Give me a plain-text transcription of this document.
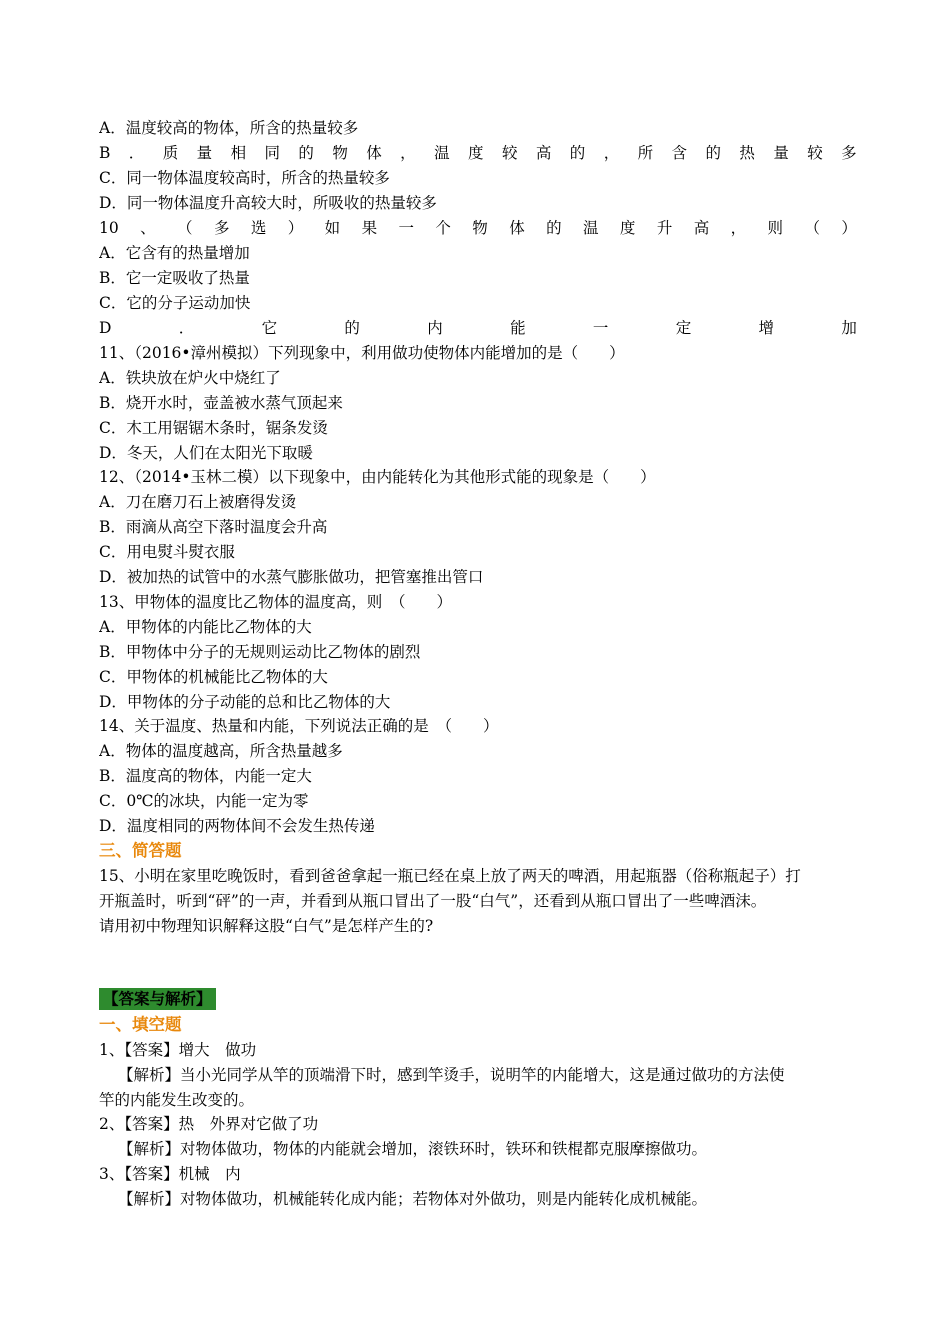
A．温度较高的物体，所含的热量较多
B ． 质 量 相 同 的 物 体 ， 温 度 较 高 的 ， 所 含 的 热 量 较 多
C．同一物体温度较高时，所含的热量较多
D．同一物体温度升高较大时，所吸收的热量较多
10 、 （ 多 选 ） 如 果 一 个 物 体 的 温 度 升 高 ， 则 （ ）
A．它含有的热量增加
B．它一定吸收了热量
C．它的分子运动加快
D	．	它	的	内	能	一	定	增	加
11、（2016•漳州模拟）下列现象中，利用做功使物体内能增加的是（　　）
A．铁块放在炉火中烧红了
B．烧开水时，壶盖被水蒸气顶起来
C．木工用锯锯木条时，锯条发烫
D．冬天，人们在太阳光下取暖
12、（2014•玉林二模）以下现象中，由内能转化为其他形式能的现象是（　　）
A．刀在磨刀石上被磨得发烫
B．雨滴从高空下落时温度会升高
C．用电熨斗熨衣服
D．被加热的试管中的水蒸气膨胀做功，把管塞推出管口
13、甲物体的温度比乙物体的温度高，则　（　　）
A．甲物体的内能比乙物体的大
B．甲物体中分子的无规则运动比乙物体的剧烈
C．甲物体的机械能比乙物体的大
D．甲物体的分子动能的总和比乙物体的大
14、关于温度、热量和内能，下列说法正确的是　（　　）
A．物体的温度越高，所含热量越多
B．温度高的物体，内能一定大
C．0℃的冰块，内能一定为零
D．温度相同的两物体间不会发生热传递
三、简答题
15、小明在家里吃晚饭时，看到爸爸拿起一瓶已经在桌上放了两天的啤酒，用起瓶器（俗称瓶起子）打
开瓶盖时，听到“砰”的一声，并看到从瓶口冒出了一股“白气”，还看到从瓶口冒出了一些啤酒沫。
请用初中物理知识解释这股“白气”是怎样产生的?
【答案与解析】
一、填空题
1、【答案】增大　做功
【解析】当小光同学从竿的顶端滑下时，感到竿烫手，说明竿的内能增大，这是通过做功的方法使
竿的内能发生改变的。
2、【答案】热　外界对它做了功
【解析】对物体做功，物体的内能就会增加，滚铁环时，铁环和铁棍都克服摩擦做功。
3、【答案】机械　内
【解析】对物体做功，机械能转化成内能；若物体对外做功，则是内能转化成机械能。
